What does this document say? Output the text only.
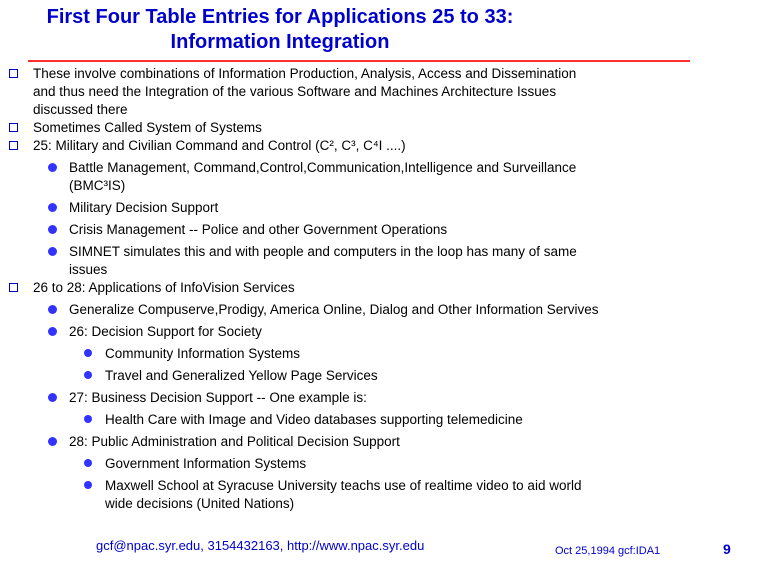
First Four Table Entries for Applications 25 to 33:
Information Integration
These involve combinations of Information Production, Analysis, Access and Dissemination
and thus need the Integration of the various Software and Machines Architecture Issues
discussed there
Sometimes Called System of Systems
25: Military and Civilian Command and Control (C², C³, C⁴I ....)
Battle Management, Command,Control,Communication,Intelligence and Surveillance
(BMC³IS)
Military Decision Support
Crisis Management -- Police and other Government Operations
SIMNET simulates this and with people and computers in the loop has many of same
issues
26 to 28: Applications of InfoVision Services
Generalize Compuserve,Prodigy, America Online, Dialog and Other Information Servives
26: Decision Support for Society
Community Information Systems
Travel and Generalized Yellow Page Services
27: Business Decision Support -- One example is:
Health Care with Image and Video databases supporting telemedicine
28: Public Administration and Political Decision Support
Government Information Systems
Maxwell School at Syracuse University teachs use of realtime video to aid world
wide decisions (United Nations)
gcf@npac.syr.edu, 3154432163, http://www.npac.syr.edu	Oct 25,1994 gcf:IDA1	9
